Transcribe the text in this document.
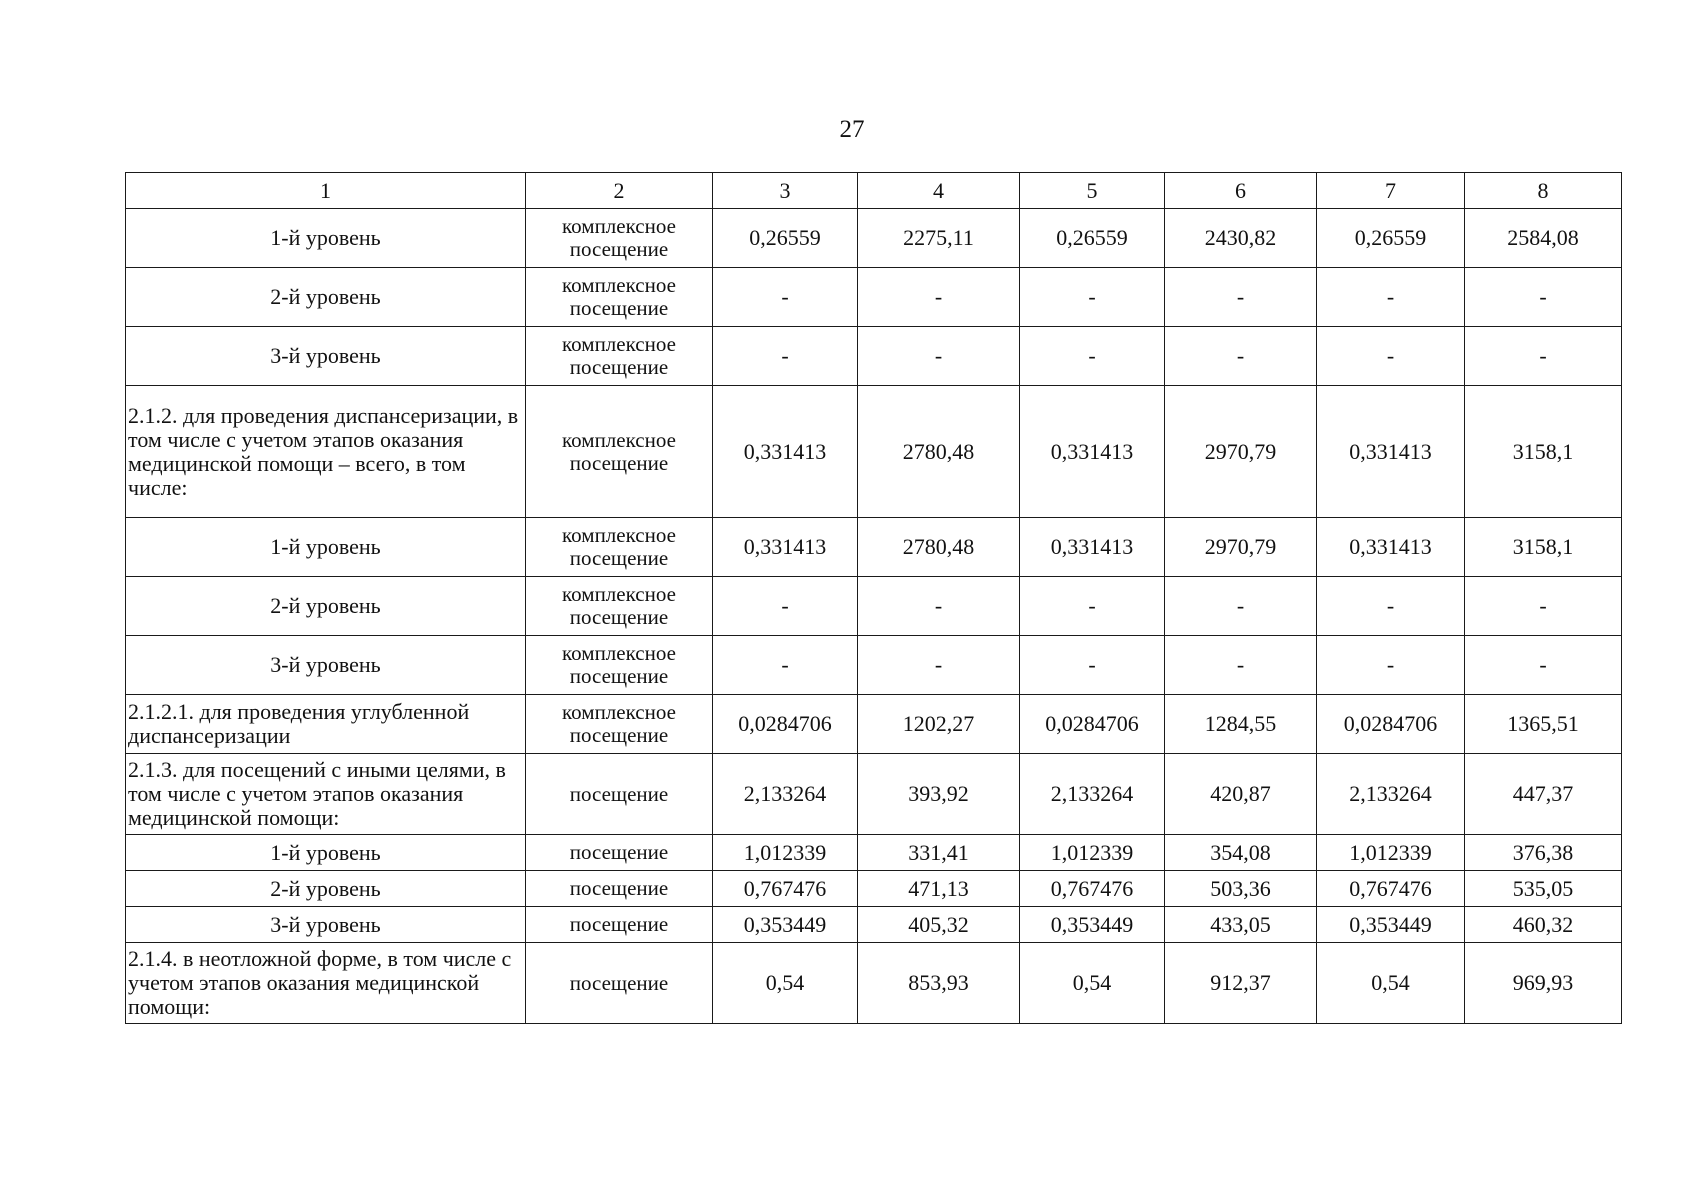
27
1	2	3	4	5	6	7	8
1-й уровень	комплексное посещение	0,26559	2275,11	0,26559	2430,82	0,26559	2584,08
2-й уровень	комплексное посещение	-	-	-	-	-	-
3-й уровень	комплексное посещение	-	-	-	-	-	-
2.1.2. для проведения диспансеризации, в том числе с учетом этапов оказания медицинской помощи – всего, в том числе:	комплексное посещение	0,331413	2780,48	0,331413	2970,79	0,331413	3158,1
1-й уровень	комплексное посещение	0,331413	2780,48	0,331413	2970,79	0,331413	3158,1
2-й уровень	комплексное посещение	-	-	-	-	-	-
3-й уровень	комплексное посещение	-	-	-	-	-	-
2.1.2.1. для проведения углубленной диспансеризации	комплексное посещение	0,0284706	1202,27	0,0284706	1284,55	0,0284706	1365,51
2.1.3. для посещений с иными целями, в том числе с учетом этапов оказания медицинской помощи:	посещение	2,133264	393,92	2,133264	420,87	2,133264	447,37
1-й уровень	посещение	1,012339	331,41	1,012339	354,08	1,012339	376,38
2-й уровень	посещение	0,767476	471,13	0,767476	503,36	0,767476	535,05
3-й уровень	посещение	0,353449	405,32	0,353449	433,05	0,353449	460,32
2.1.4. в неотложной форме, в том числе с учетом этапов оказания медицинской помощи:	посещение	0,54	853,93	0,54	912,37	0,54	969,93
